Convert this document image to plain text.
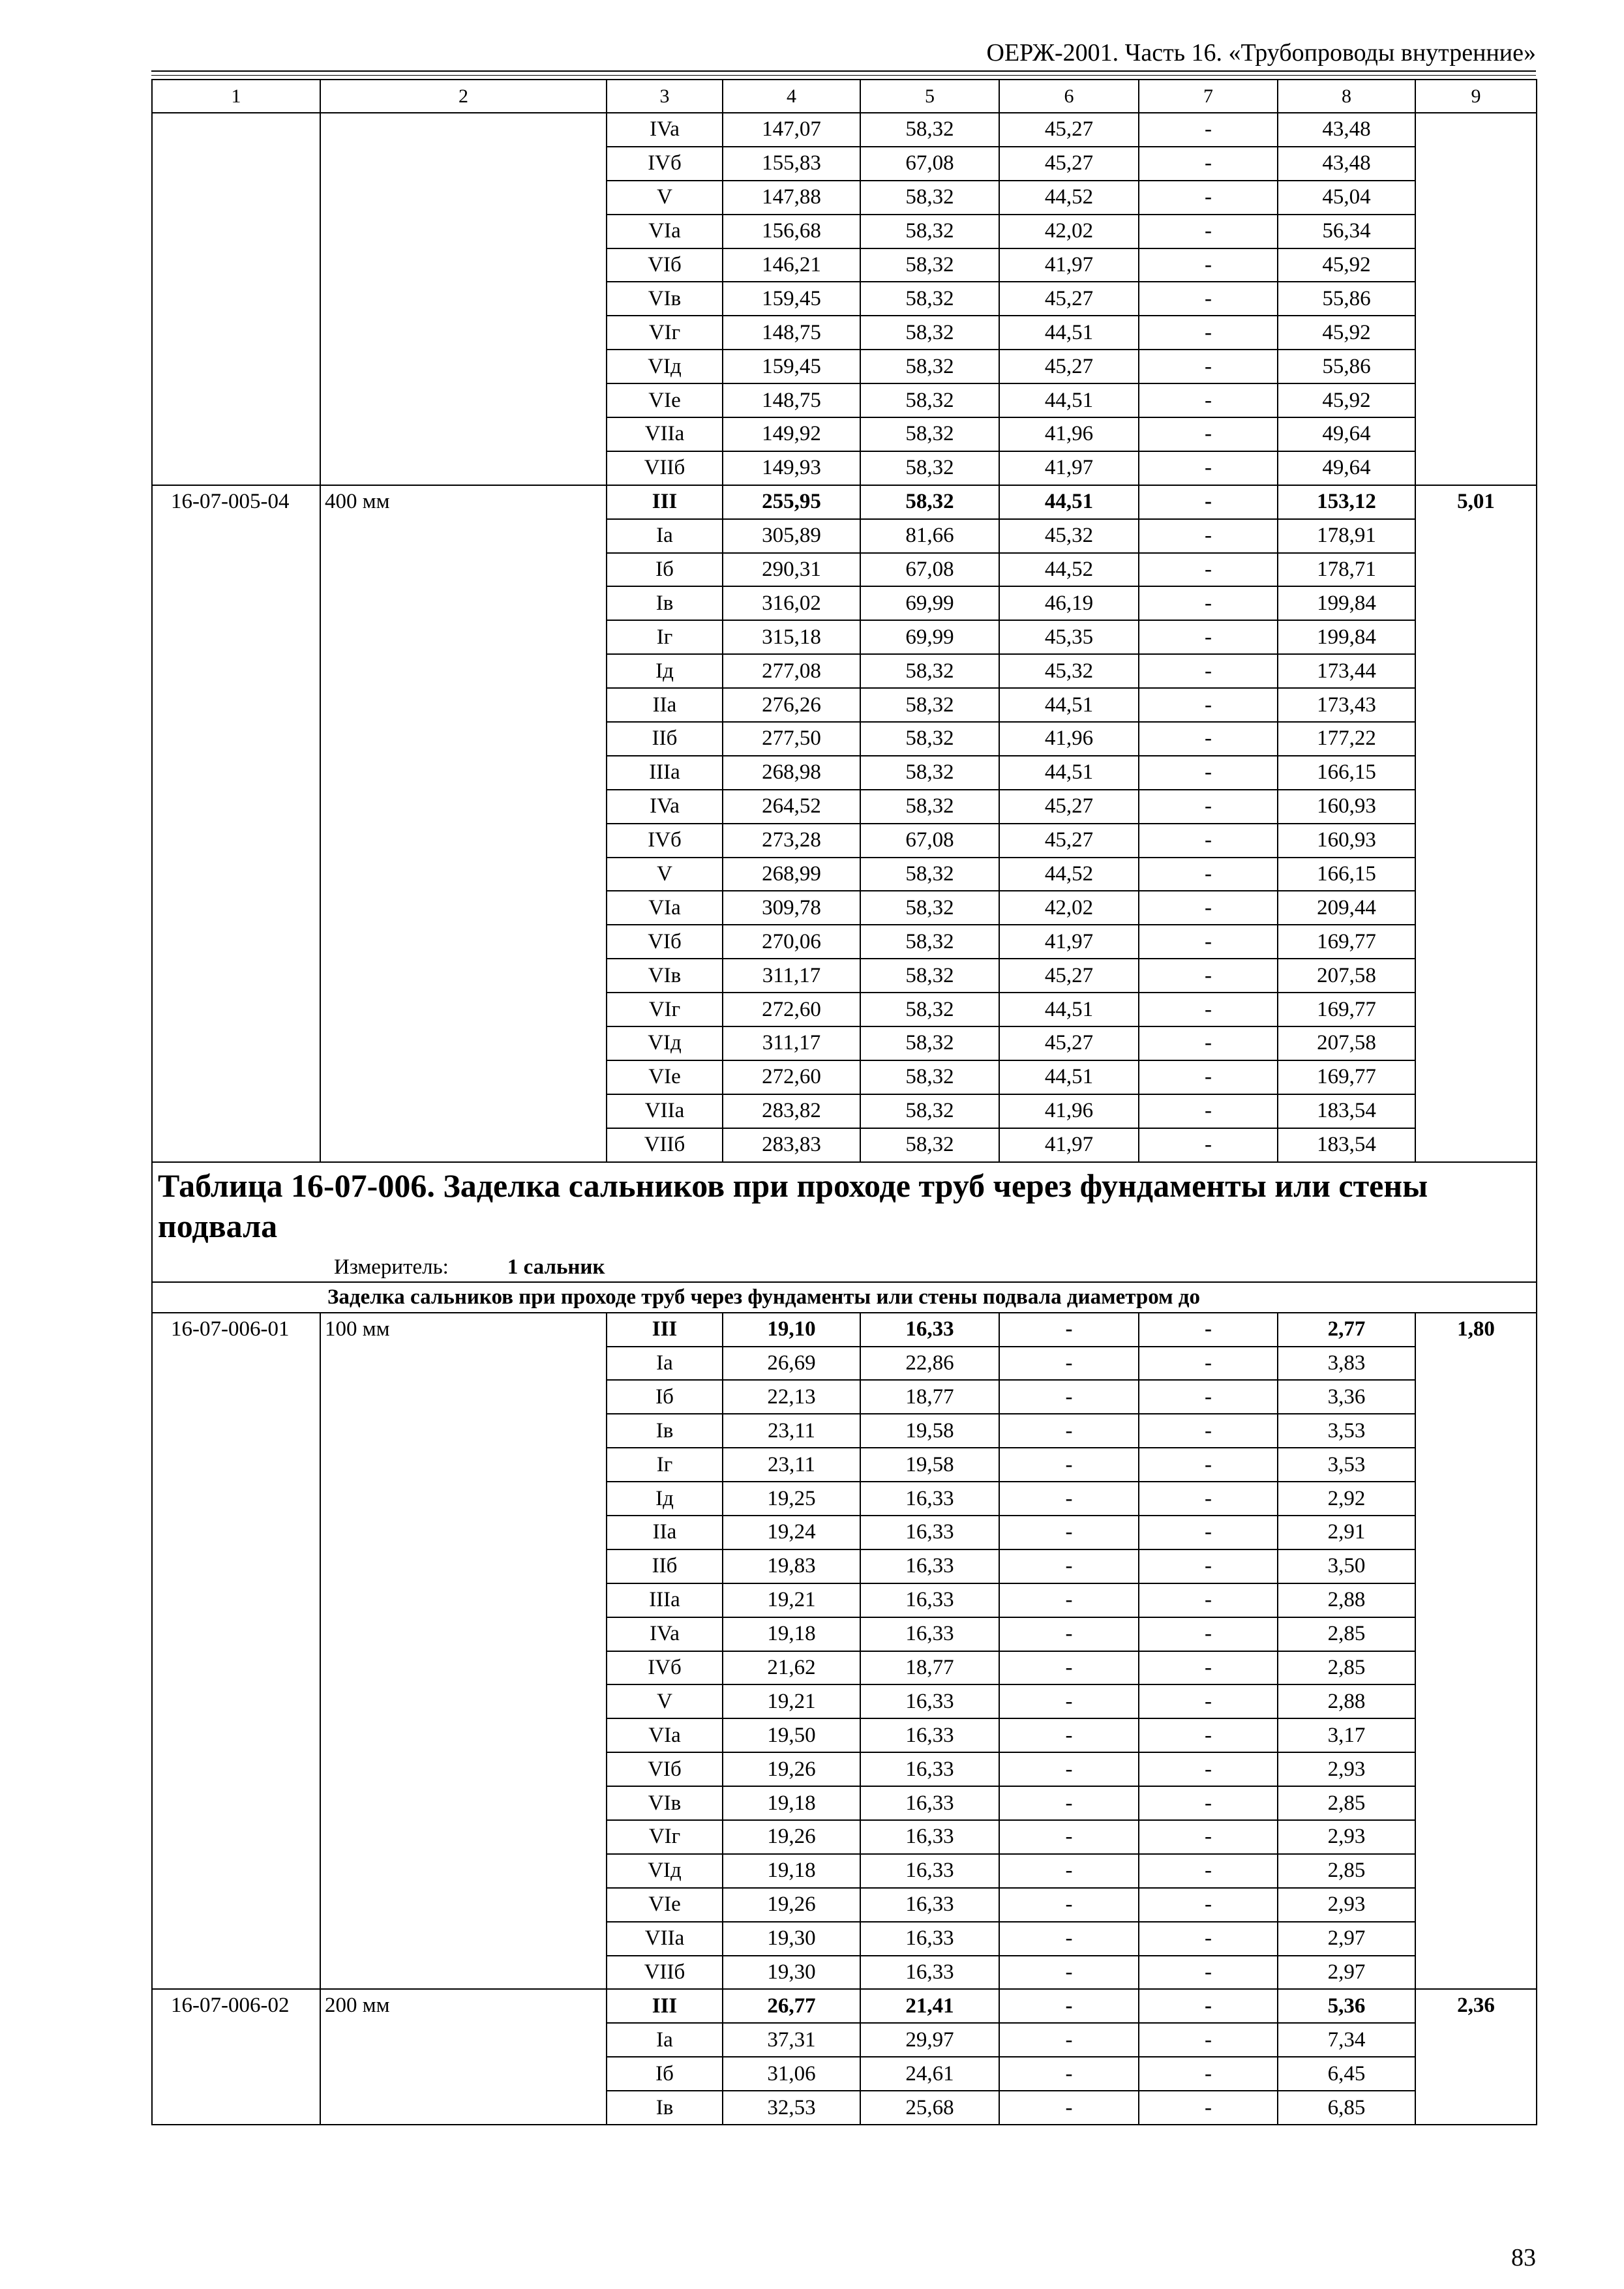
ОЕРЖ-2001. Часть 16. «Трубопроводы внутренние»
1	2	3	4	5	6	7	8	9
		IVa	147,07	58,32	45,27	-	43,48	
		IVб	155,83	67,08	45,27	-	43,48	
		V	147,88	58,32	44,52	-	45,04	
		VIa	156,68	58,32	42,02	-	56,34	
		VIб	146,21	58,32	41,97	-	45,92	
		VIв	159,45	58,32	45,27	-	55,86	
		VIг	148,75	58,32	44,51	-	45,92	
		VIд	159,45	58,32	45,27	-	55,86	
		VIe	148,75	58,32	44,51	-	45,92	
		VIIa	149,92	58,32	41,96	-	49,64	
		VIIб	149,93	58,32	41,97	-	49,64	
16-07-005-04	400 мм	III	255,95	58,32	44,51	-	153,12	5,01
		Ia	305,89	81,66	45,32	-	178,91	
		Iб	290,31	67,08	44,52	-	178,71	
		Iв	316,02	69,99	46,19	-	199,84	
		Iг	315,18	69,99	45,35	-	199,84	
		Iд	277,08	58,32	45,32	-	173,44	
		IIa	276,26	58,32	44,51	-	173,43	
		IIб	277,50	58,32	41,96	-	177,22	
		IIIa	268,98	58,32	44,51	-	166,15	
		IVa	264,52	58,32	45,27	-	160,93	
		IVб	273,28	67,08	45,27	-	160,93	
		V	268,99	58,32	44,52	-	166,15	
		VIa	309,78	58,32	42,02	-	209,44	
		VIб	270,06	58,32	41,97	-	169,77	
		VIв	311,17	58,32	45,27	-	207,58	
		VIг	272,60	58,32	44,51	-	169,77	
		VIд	311,17	58,32	45,27	-	207,58	
		VIe	272,60	58,32	44,51	-	169,77	
		VIIa	283,82	58,32	41,96	-	183,54	
		VIIб	283,83	58,32	41,97	-	183,54	

Таблица 16-07-006. Заделка сальников при проходе труб через фундаменты или стены подвала
Измеритель: 1 сальник								

Заделка сальников при проходе труб через фундаменты или стены подвала диаметром до								
16-07-006-01	100 мм	III	19,10	16,33	-	-	2,77	1,80
		Ia	26,69	22,86	-	-	3,83	
		Iб	22,13	18,77	-	-	3,36	
		Iв	23,11	19,58	-	-	3,53	
		Iг	23,11	19,58	-	-	3,53	
		Iд	19,25	16,33	-	-	2,92	
		IIa	19,24	16,33	-	-	2,91	
		IIб	19,83	16,33	-	-	3,50	
		IIIa	19,21	16,33	-	-	2,88	
		IVa	19,18	16,33	-	-	2,85	
		IVб	21,62	18,77	-	-	2,85	
		V	19,21	16,33	-	-	2,88	
		VIa	19,50	16,33	-	-	3,17	
		VIб	19,26	16,33	-	-	2,93	
		VIв	19,18	16,33	-	-	2,85	
		VIг	19,26	16,33	-	-	2,93	
		VIд	19,18	16,33	-	-	2,85	
		VIe	19,26	16,33	-	-	2,93	
		VIIa	19,30	16,33	-	-	2,97	
		VIIб	19,30	16,33	-	-	2,97	
16-07-006-02	200 мм	III	26,77	21,41	-	-	5,36	2,36
		Ia	37,31	29,97	-	-	7,34	
		Iб	31,06	24,61	-	-	6,45	
		Iв	32,53	25,68	-	-	6,85	
83
